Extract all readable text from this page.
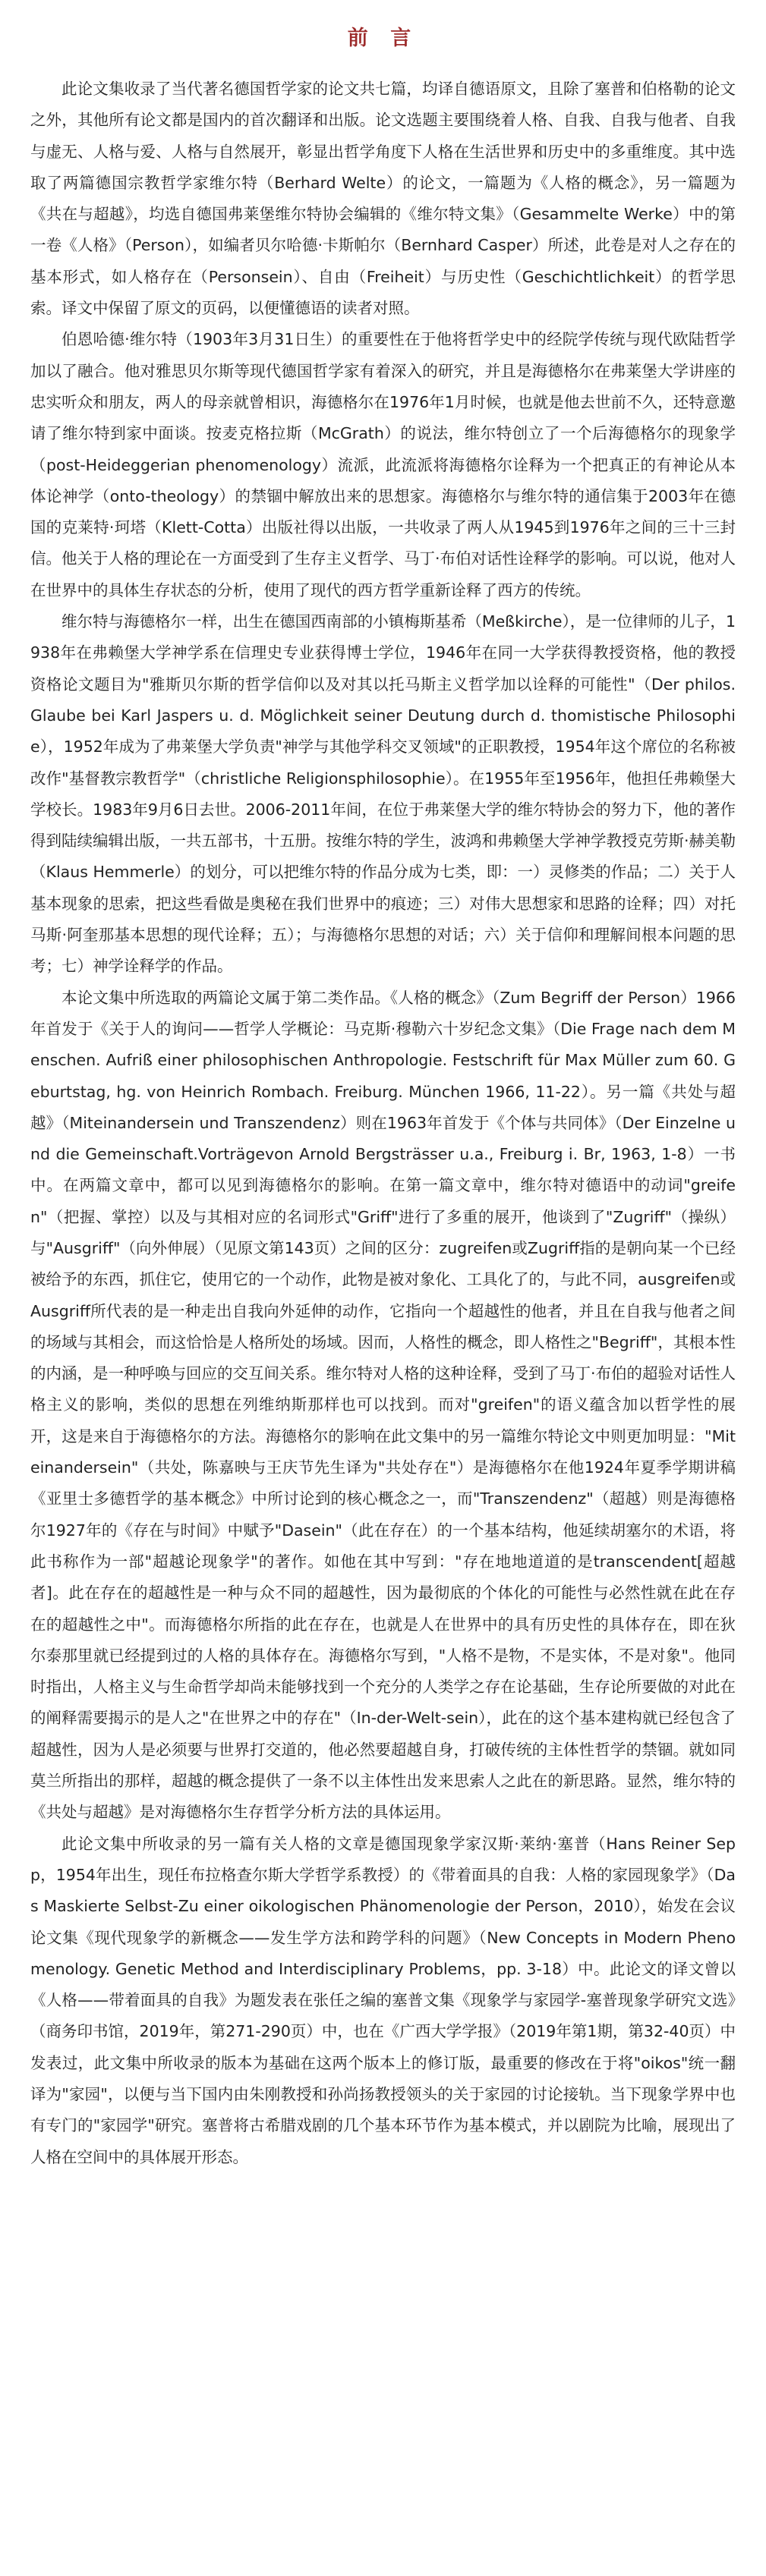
前 言

此论文集收录了当代著名德国哲学家的论文共七篇，均译自德语原文，且除了塞普和伯格勒的论文之外，其他所有论文都是国内的首次翻译和出版。论文选题主要围绕着人格、自我、自我与他者、自我与虚无、人格与爱、人格与自然展开，彰显出哲学角度下人格在生活世界和历史中的多重维度。其中选取了两篇德国宗教哲学家维尔特（Berhard Welte）的论文，一篇题为《人格的概念》，另一篇题为《共在与超越》，均选自德国弗莱堡维尔特协会编辑的《维尔特文集》（Gesammelte Werke）中的第一卷《人格》（Person），如编者贝尔哈德·卡斯帕尔（Bernhard Casper）所述，此卷是对人之存在的基本形式，如人格存在（Personsein）、自由（Freiheit）与历史性（Geschichtlichkeit）的哲学思索。译文中保留了原文的页码，以便懂德语的读者对照。

伯恩哈德·维尔特（1903年3月31日生）的重要性在于他将哲学史中的经院学传统与现代欧陆哲学加以了融合。他对雅思贝尔斯等现代德国哲学家有着深入的研究，并且是海德格尔在弗莱堡大学讲座的忠实听众和朋友，两人的母亲就曾相识，海德格尔在1976年1月时候，也就是他去世前不久，还特意邀请了维尔特到家中面谈。按麦克格拉斯（McGrath）的说法，维尔特创立了一个后海德格尔的现象学（post-Heideggerian phenomenology）流派，此流派将海德格尔诠释为一个把真正的有神论从本体论神学（onto-theology）的禁锢中解放出来的思想家。海德格尔与维尔特的通信集于2003年在德国的克莱特·珂塔（Klett-Cotta）出版社得以出版，一共收录了两人从1945到1976年之间的三十三封信。他关于人格的理论在一方面受到了生存主义哲学、马丁·布伯对话性诠释学的影响。可以说，他对人在世界中的具体生存状态的分析，使用了现代的西方哲学重新诠释了西方的传统。

维尔特与海德格尔一样，出生在德国西南部的小镇梅斯基希（Meßkirche），是一位律师的儿子，1938年在弗赖堡大学神学系在信理史专业获得博士学位，1946年在同一大学获得教授资格，他的教授资格论文题目为"雅斯贝尔斯的哲学信仰以及对其以托马斯主义哲学加以诠释的可能性"（Der philos. Glaube bei Karl Jaspers u. d. Möglichkeit seiner Deutung durch d. thomistische Philosophie），1952年成为了弗莱堡大学负责"神学与其他学科交叉领域"的正职教授，1954年这个席位的名称被改作"基督教宗教哲学"（christliche Religionsphilosophie）。在1955年至1956年，他担任弗赖堡大学校长。1983年9月6日去世。2006-2011年间，在位于弗莱堡大学的维尔特协会的努力下，他的著作得到陆续编辑出版，一共五部书，十五册。按维尔特的学生，波鸿和弗赖堡大学神学教授克劳斯·赫美勒（Klaus Hemmerle）的划分，可以把维尔特的作品分成为七类，即：一）灵修类的作品；二）关于人基本现象的思索，把这些看做是奥秘在我们世界中的痕迹；三）对伟大思想家和思路的诠释；四）对托马斯·阿奎那基本思想的现代诠释；五）；与海德格尔思想的对话；六）关于信仰和理解间根本问题的思考；七）神学诠释学的作品。

本论文集中所选取的两篇论文属于第二类作品。《人格的概念》（Zum Begriff der Person）1966年首发于《关于人的询问——哲学人学概论：马克斯·穆勒六十岁纪念文集》（Die Frage nach dem Menschen. Aufriß einer philosophischen Anthropologie. Festschrift für Max Müller zum 60. Geburtstag, hg. von Heinrich Rombach. Freiburg. München 1966, 11-22）。另一篇《共处与超越》（Miteinandersein und Transzendenz）则在1963年首发于《个体与共同体》（Der Einzelne und die Gemeinschaft.Vorträgevon Arnold Bergsträsser u.a., Freiburg i. Br, 1963, 1-8）一书中。在两篇文章中，都可以见到海德格尔的影响。在第一篇文章中，维尔特对德语中的动词"greifen"（把握、掌控）以及与其相对应的名词形式"Griff"进行了多重的展开，他谈到了"Zugriff"（操纵）与"Ausgriff"（向外伸展）（见原文第143页）之间的区分：zugreifen或Zugriff指的是朝向某一个已经被给予的东西，抓住它，使用它的一个动作，此物是被对象化、工具化了的，与此不同，ausgreifen或Ausgriff所代表的是一种走出自我向外延伸的动作，它指向一个超越性的他者，并且在自我与他者之间的场域与其相会，而这恰恰是人格所处的场域。因而，人格性的概念，即人格性之"Begriff"，其根本性的内涵，是一种呼唤与回应的交互间关系。维尔特对人格的这种诠释，受到了马丁·布伯的超验对话性人格主义的影响，类似的思想在列维纳斯那样也可以找到。而对"greifen"的语义蕴含加以哲学性的展开，这是来自于海德格尔的方法。海德格尔的影响在此文集中的另一篇维尔特论文中则更加明显："Miteinandersein"（共处，陈嘉映与王庆节先生译为"共处存在"）是海德格尔在他1924年夏季学期讲稿《亚里士多德哲学的基本概念》中所讨论到的核心概念之一，而"Transzendenz"（超越）则是海德格尔1927年的《存在与时间》中赋予"Dasein"（此在存在）的一个基本结构，他延续胡塞尔的术语，将此书称作为一部"超越论现象学"的著作。如他在其中写到："存在地地道道的是transcendent[超越者]。此在存在的超越性是一种与众不同的超越性，因为最彻底的个体化的可能性与必然性就在此在存在的超越性之中"。而海德格尔所指的此在存在，也就是人在世界中的具有历史性的具体存在，即在狄尔泰那里就已经提到过的人格的具体存在。海德格尔写到，"人格不是物，不是实体，不是对象"。他同时指出，人格主义与生命哲学却尚未能够找到一个充分的人类学之存在论基础，生存论所要做的对此在的阐释需要揭示的是人之"在世界之中的存在"（In-der-Welt-sein），此在的这个基本建构就已经包含了超越性，因为人是必须要与世界打交道的，他必然要超越自身，打破传统的主体性哲学的禁锢。就如同莫兰所指出的那样，超越的概念提供了一条不以主体性出发来思索人之此在的新思路。显然，维尔特的《共处与超越》是对海德格尔生存哲学分析方法的具体运用。

此论文集中所收录的另一篇有关人格的文章是德国现象学家汉斯·莱纳·塞普（Hans Reiner Sepp，1954年出生，现任布拉格查尔斯大学哲学系教授）的《带着面具的自我：人格的家园现象学》（Das Maskierte Selbst-Zu einer oikologischen Phänomenologie der Person，2010），始发在会议论文集《现代现象学的新概念——发生学方法和跨学科的问题》（New Concepts in Modern Phenomenology. Genetic Method and Interdisciplinary Problems，pp. 3-18）中。此论文的译文曾以《人格——带着面具的自我》为题发表在张任之编的塞普文集《现象学与家园学-塞普现象学研究文选》（商务印书馆，2019年，第271-290页）中，也在《广西大学学报》（2019年第1期，第32-40页）中发表过，此文集中所收录的版本为基础在这两个版本上的修订版，最重要的修改在于将"oikos"统一翻译为"家园"，以便与当下国内由朱刚教授和孙尚扬教授领头的关于家园的讨论接轨。当下现象学界中也有专门的"家园学"研究。塞普将古希腊戏剧的几个基本环节作为基本模式，并以剧院为比喻，展现出了人格在空间中的具体展开形态。
